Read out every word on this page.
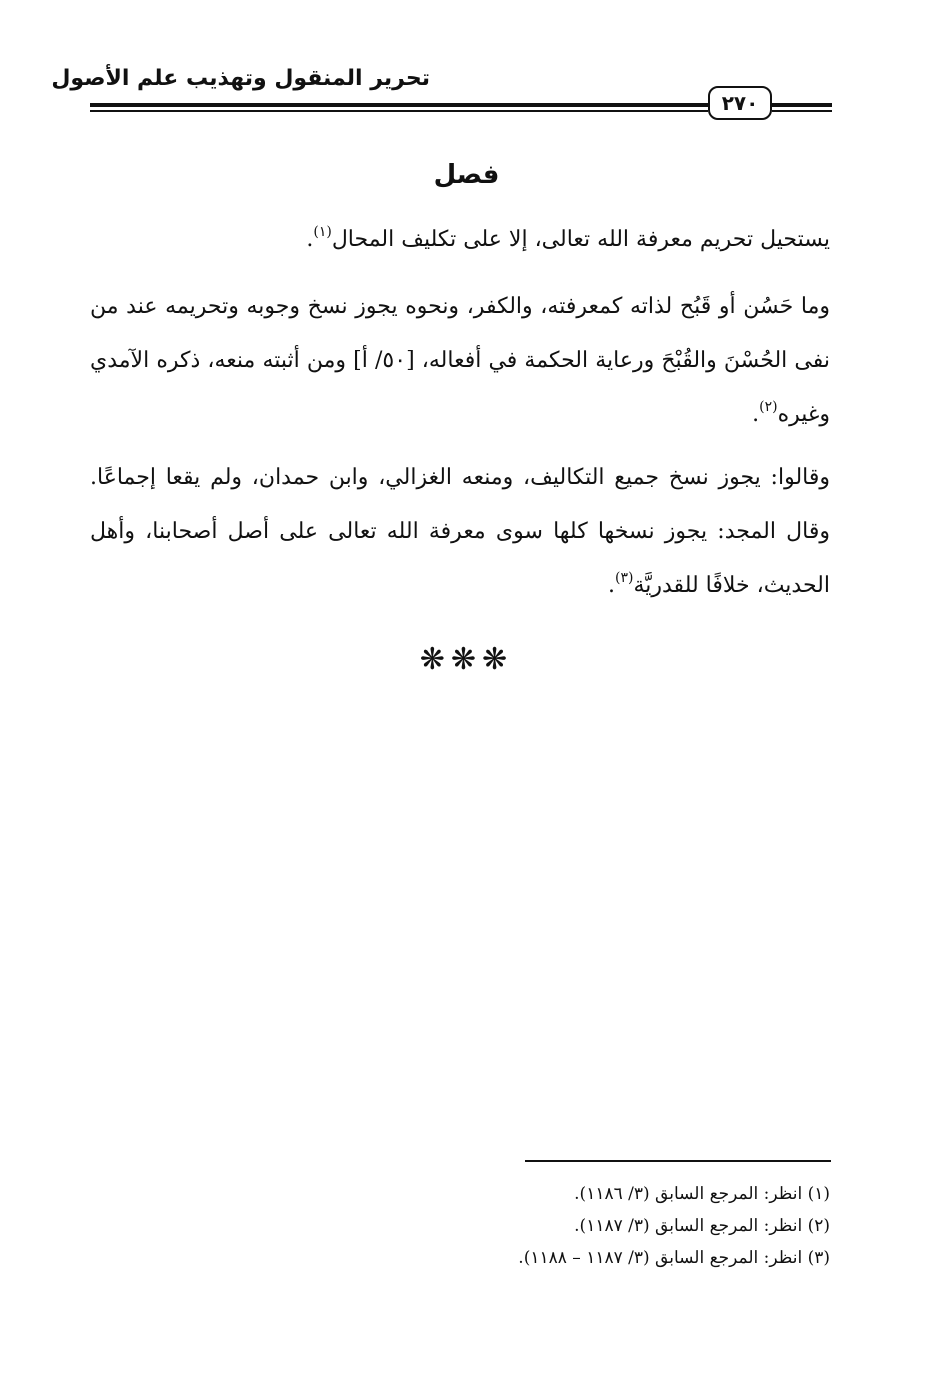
تحرير المنقول وتهذيب علم الأصول
٢٧٠
فصل
يستحيل تحريم معرفة الله تعالى، إلا على تكليف المحال$^{(١)}$.
وما حَسُن أو قَبُح لذاته كمعرفته، والكفر، ونحوه يجوز نسخ وجوبه وتحريمه عند من نفى الحُسْنَ والقُبْحَ ورعاية الحكمة في أفعاله، [٥٠/ أ] ومن أثبته منعه، ذكره الآمدي وغيره$^{(٢)}$.
وقالوا: يجوز نسخ جميع التكاليف، ومنعه الغزالي، وابن حمدان، ولم يقعا إجماعًا. وقال المجد: يجوز نسخها كلها سوى معرفة الله تعالى على أصل أصحابنا، وأهل الحديث، خلافًا للقدريَّة$^{(٣)}$.
❋❋❋
(١) انظر: المرجع السابق (٣/ ١١٨٦).
(٢) انظر: المرجع السابق (٣/ ١١٨٧).
(٣) انظر: المرجع السابق (٣/ ١١٨٧ – ١١٨٨).
